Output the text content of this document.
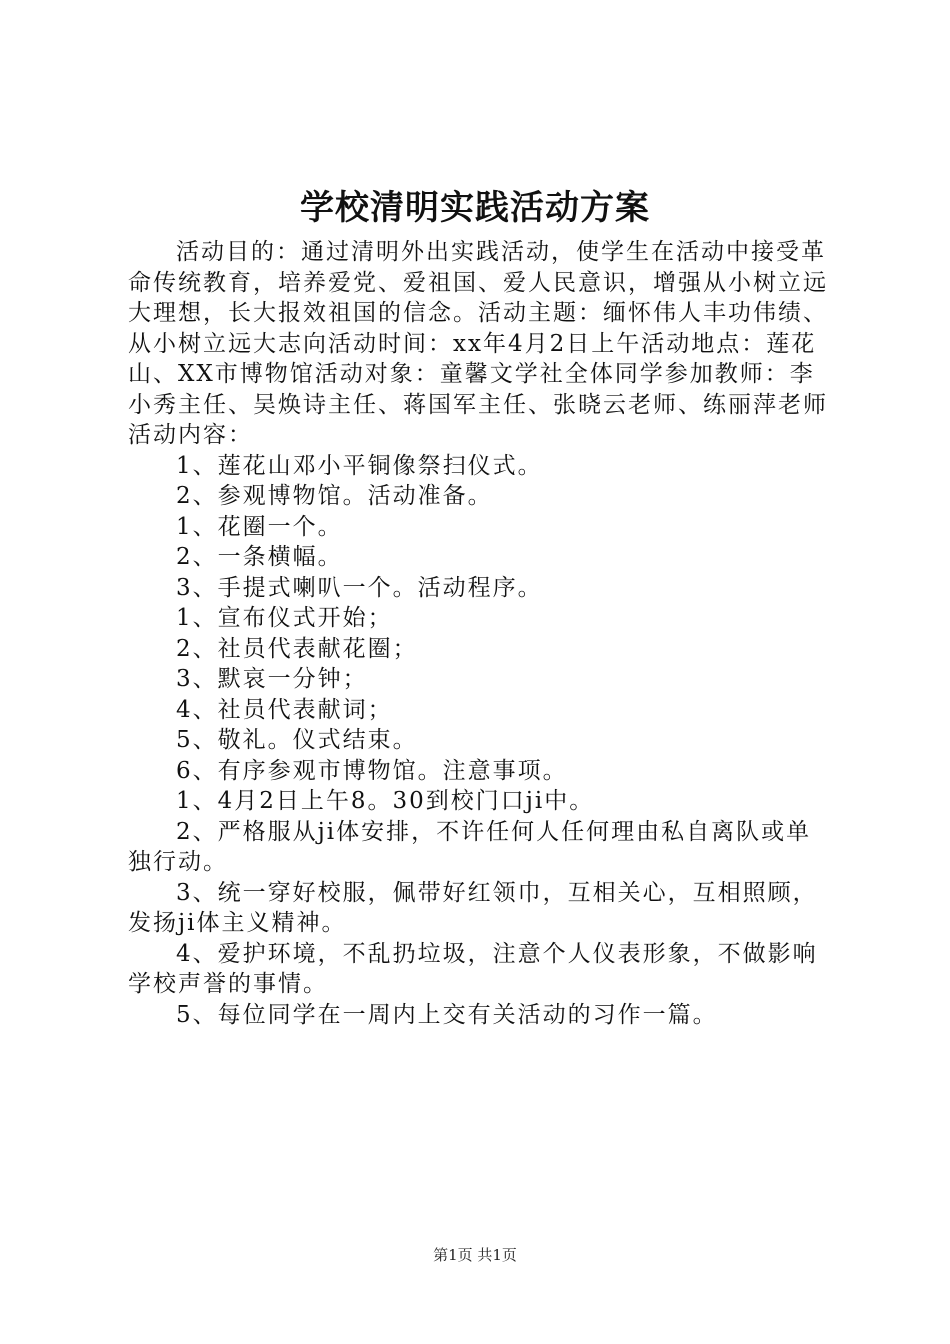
学校清明实践活动方案

活动目的：通过清明外出实践活动，使学生在活动中接受革命传统教育，培养爱党、爱祖国、爱人民意识，增强从小树立远大理想，长大报效祖国的信念。活动主题：缅怀伟人丰功伟绩、从小树立远大志向活动时间：xx年4月2日上午活动地点：莲花山、XX市博物馆活动对象：童馨文学社全体同学参加教师：李小秀主任、吴焕诗主任、蒋国军主任、张晓云老师、练丽萍老师活动内容：

1、莲花山邓小平铜像祭扫仪式。

2、参观博物馆。活动准备。

1、花圈一个。

2、一条横幅。

3、手提式喇叭一个。活动程序。

1、宣布仪式开始；

2、社员代表献花圈；

3、默哀一分钟；

4、社员代表献词；

5、敬礼。仪式结束。

6、有序参观市博物馆。注意事项。

1、4月2日上午8。30到校门口ji中。

2、严格服从ji体安排，不许任何人任何理由私自离队或单独行动。

3、统一穿好校服，佩带好红领巾，互相关心，互相照顾，发扬ji体主义精神。

4、爱护环境，不乱扔垃圾，注意个人仪表形象，不做影响学校声誉的事情。

5、每位同学在一周内上交有关活动的习作一篇。

第1页 共1页
